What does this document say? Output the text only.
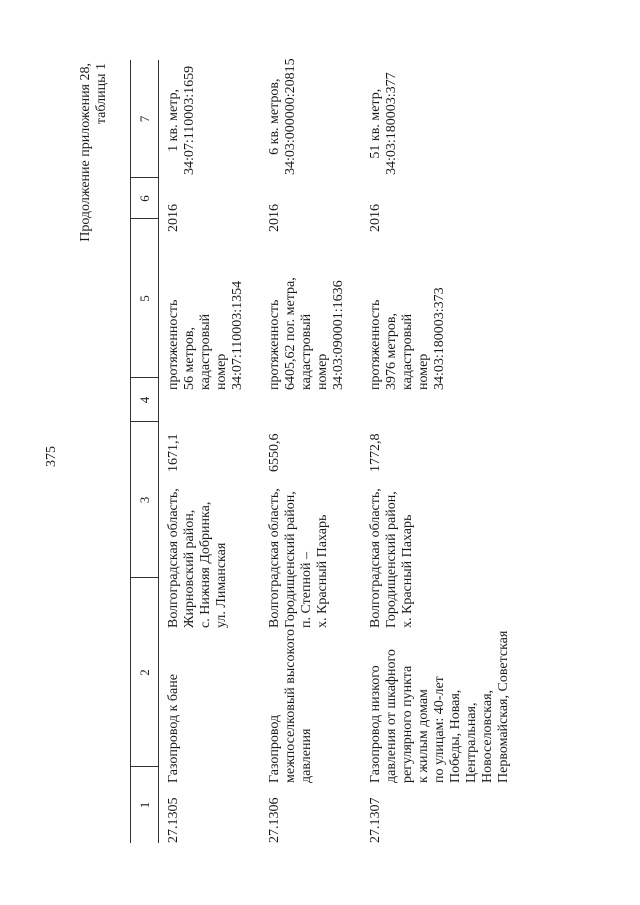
375
Продолжение приложения 28, таблицы 1
1
2
3
4
5
6
7
27.1305
Газопровод к бане
Волгоградская область,
Жирновский район,
с. Нижняя Добринка,
ул. Лиманская
1671,1
протяженность
56 метров,
кадастровый
номер
34:07:110003:1354
2016
1 кв. метр,
34:07:110003:1659
27.1306
Газопровод
межпоселковый высокого
давления
Волгоградская область,
Городищенский район,
п. Степной –
х. Красный Пахарь
6550,6
протяженность
6405,62 пог. метра,
кадастровый
номер
34:03:090001:1636
2016
6 кв. метров,
34:03:000000:20815
27.1307
Газопровод низкого
давления от шкафного
регулярного пункта
к жилым домам
по улицам: 40-лет
Победы, Новая,
Центральная,
Новоселовская,
Первомайская, Советская
Волгоградская область,
Городищенский район,
х. Красный Пахарь
1772,8
протяженность
3976 метров,
кадастровый
номер
34:03:180003:373
2016
51 кв. метр,
34:03:180003:377
